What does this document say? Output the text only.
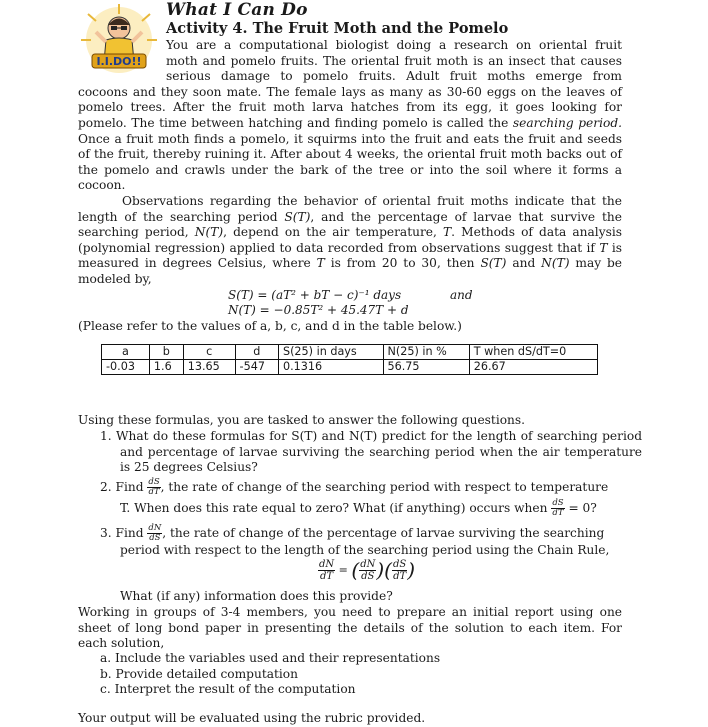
I.I.DO!!
What I Can Do
Activity 4. The Fruit Moth and the Pomelo
You are a computational biologist doing a research on oriental fruit
moth and pomelo fruits. The oriental fruit moth is an insect that causes
serious damage to pomelo fruits. Adult fruit moths emerge from
cocoons and they soon mate. The female lays as many as 30-60 eggs on the leaves of pomelo trees. After the fruit moth larva hatches from its egg, it goes looking for pomelo. The time between hatching and finding pomelo is called the searching period. Once a fruit moth finds a pomelo, it squirms into the fruit and eats the fruit and seeds of the fruit, thereby ruining it. After about 4 weeks, the oriental fruit moth backs out of the pomelo and crawls under the bark of the tree or into the soil where it forms a cocoon.
Observations regarding the behavior of oriental fruit moths indicate that the length of the searching period S(T), and the percentage of larvae that survive the searching period, N(T), depend on the air temperature, T. Methods of data analysis (polynomial regression) applied to data recorded from observations suggest that if T is measured in degrees Celsius, where T is from 20 to 30, then S(T) and N(T) may be modeled by,
S(T) = (aT² + bT − c)⁻¹ days	and
N(T) = −0.85T² + 45.47T + d
(Please refer to the values of a, b, c, and d in the table below.)
a	b	c	d	S(25) in days	N(25) in %	T when dS/dT=0
-0.03	1.6	13.65	-547	0.1316	56.75	26.67
Using these formulas, you are tasked to answer the following questions.
1. What do these formulas for S(T) and N(T) predict for the length of searching period and percentage of larvae surviving the searching period when the air temperature is 25 degrees Celsius?
2. Find $\frac{dS}{dT}$ , the rate of change of the searching period with respect to temperature
T. When does this rate equal to zero? What (if anything) occurs when $\frac{dS}{dT} = 0$?
3. Find $\frac{dN}{dS}$ , the rate of change of the percentage of larvae surviving the searching
period with respect to the length of the searching period using the Chain Rule,
$\frac{dN}{dT}$ = ( $\frac{dN}{dS}$ )( $\frac{dS}{dT}$ )
What (if any) information does this provide?
Working in groups of 3-4 members, you need to prepare an initial report using one sheet of long bond paper in presenting the details of the solution to each item. For each solution,
a. Include the variables used and their representations
b. Provide detailed computation
c. Interpret the result of the computation
Your output will be evaluated using the rubric provided.
